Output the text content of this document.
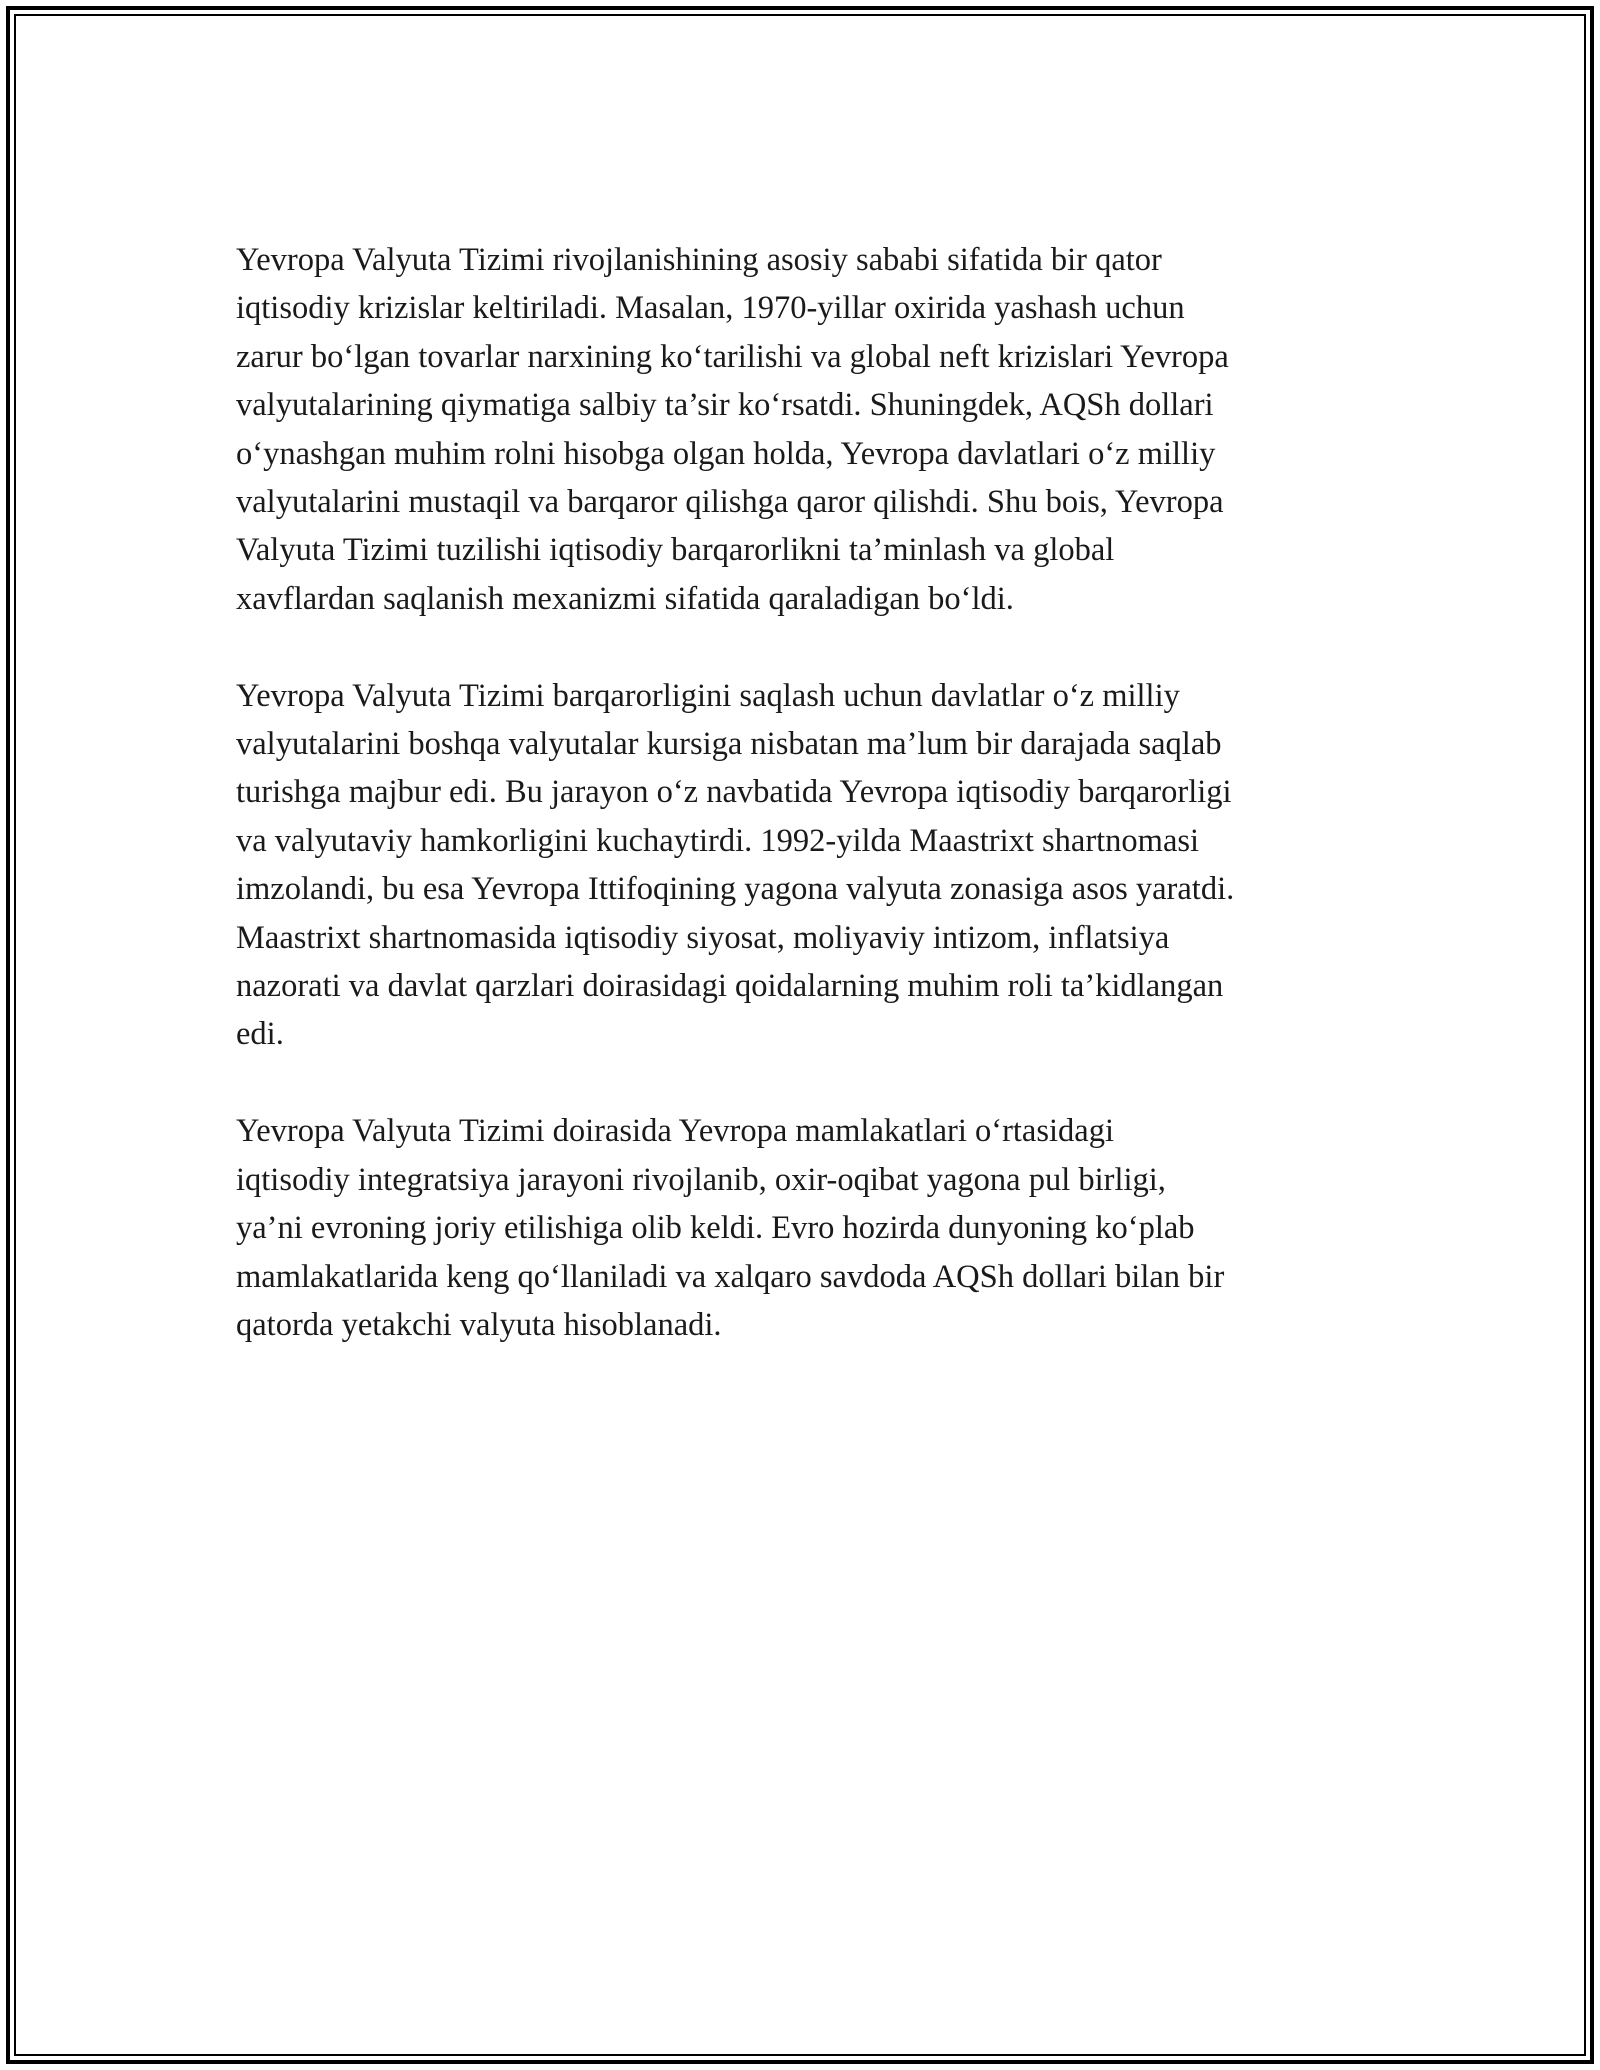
Yevropa Valyuta Tizimi rivojlanishining asosiy sababi sifatida bir qator
iqtisodiy krizislar keltiriladi. Masalan, 1970-yillar oxirida yashash uchun
zarur bo‘lgan tovarlar narxining ko‘tarilishi va global neft krizislari Yevropa
valyutalarining qiymatiga salbiy ta’sir ko‘rsatdi. Shuningdek, AQSh dollari
o‘ynashgan muhim rolni hisobga olgan holda, Yevropa davlatlari o‘z milliy
valyutalarini mustaqil va barqaror qilishga qaror qilishdi. Shu bois, Yevropa
Valyuta Tizimi tuzilishi iqtisodiy barqarorlikni ta’minlash va global
xavflardan saqlanish mexanizmi sifatida qaraladigan bo‘ldi.

Yevropa Valyuta Tizimi barqarorligini saqlash uchun davlatlar o‘z milliy
valyutalarini boshqa valyutalar kursiga nisbatan ma’lum bir darajada saqlab
turishga majbur edi. Bu jarayon o‘z navbatida Yevropa iqtisodiy barqarorligi
va valyutaviy hamkorligini kuchaytirdi. 1992-yilda Maastrixt shartnomasi
imzolandi, bu esa Yevropa Ittifoqining yagona valyuta zonasiga asos yaratdi.
Maastrixt shartnomasida iqtisodiy siyosat, moliyaviy intizom, inflatsiya
nazorati va davlat qarzlari doirasidagi qoidalarning muhim roli ta’kidlangan
edi.

Yevropa Valyuta Tizimi doirasida Yevropa mamlakatlari o‘rtasidagi
iqtisodiy integratsiya jarayoni rivojlanib, oxir-oqibat yagona pul birligi,
ya’ni evroning joriy etilishiga olib keldi. Evro hozirda dunyoning ko‘plab
mamlakatlarida keng qo‘llaniladi va xalqaro savdoda AQSh dollari bilan bir
qatorda yetakchi valyuta hisoblanadi.
